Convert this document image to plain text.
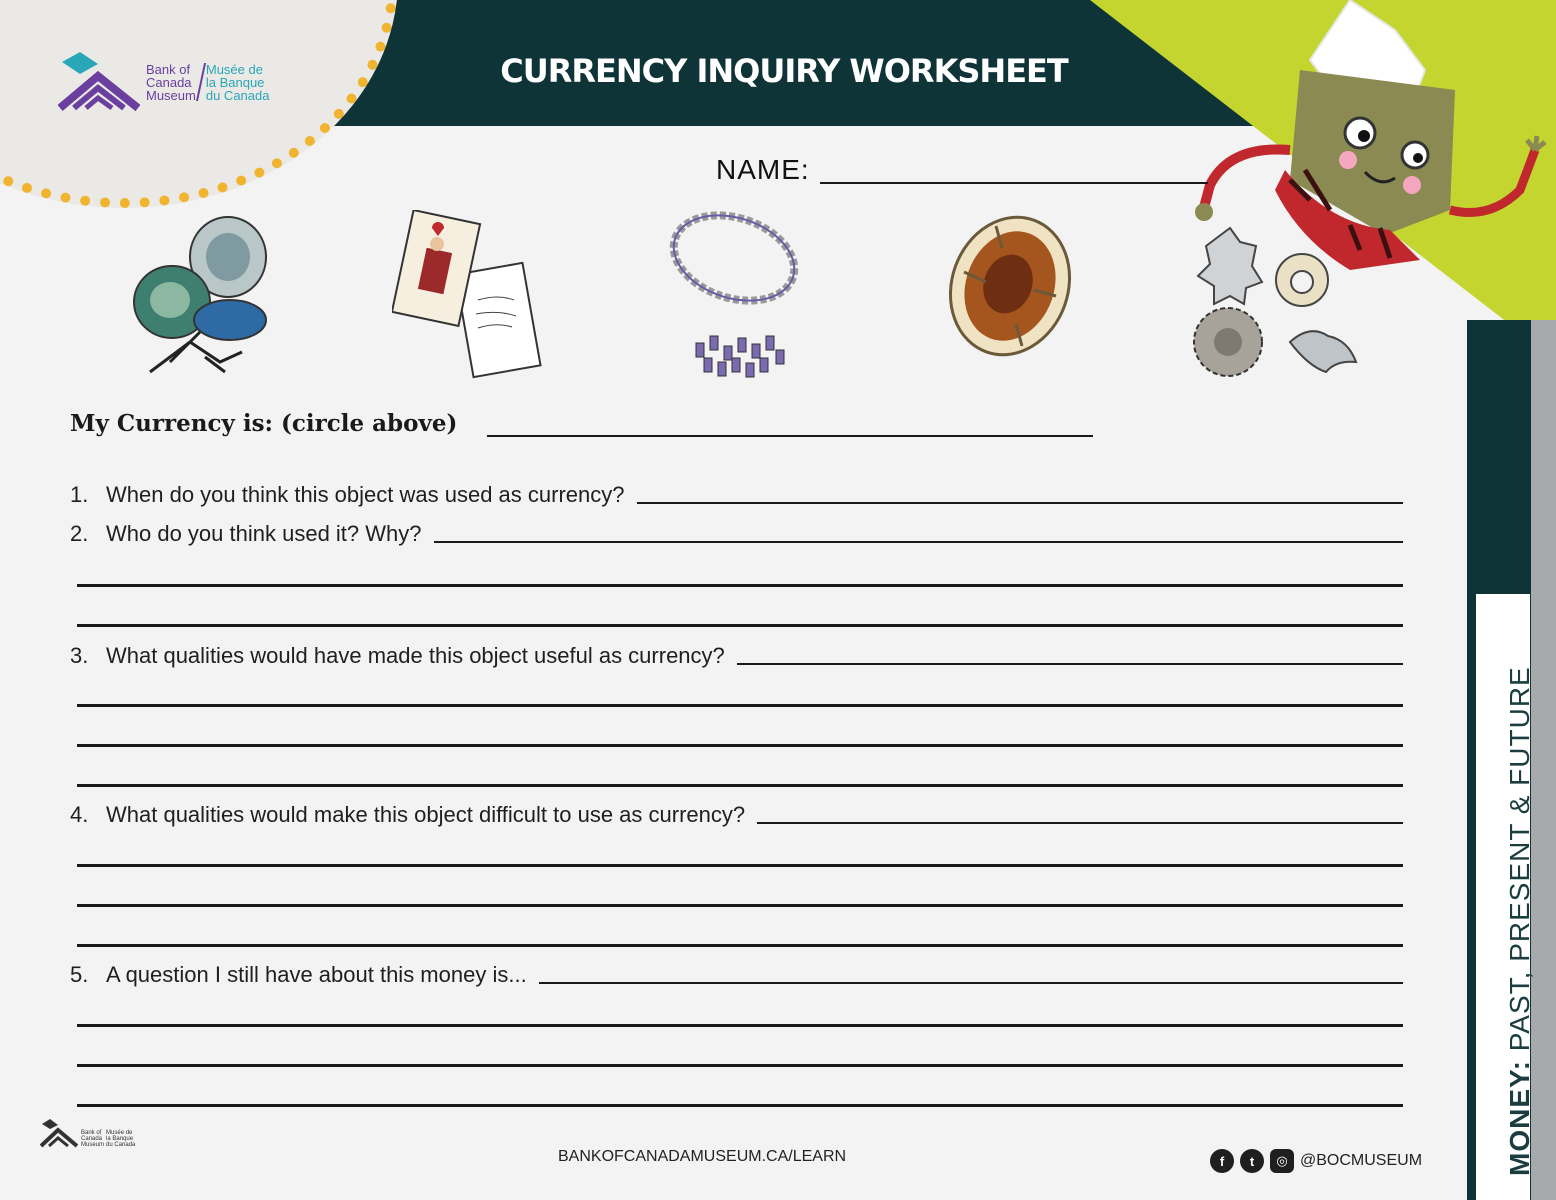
MONEY: PAST, PRESENT & FUTURE
Bank of
Canada
Museum
Musée de
la Banque
du Canada
CURRENCY INQUIRY WORKSHEET
NAME:
My Currency is: (circle above)
1. When do you think this object was used as currency?
2. Who do you think used it? Why?
3. What qualities would have made this object useful as currency?
4. What qualities would make this object difficult to use as currency?
5. A question I still have about this money is...
Bank of
Canada
Museum
Musée de
la Banque
du Canada
BANKOFCANADAMUSEUM.CA/LEARN	f	t	◎ @BOCMUSEUM
